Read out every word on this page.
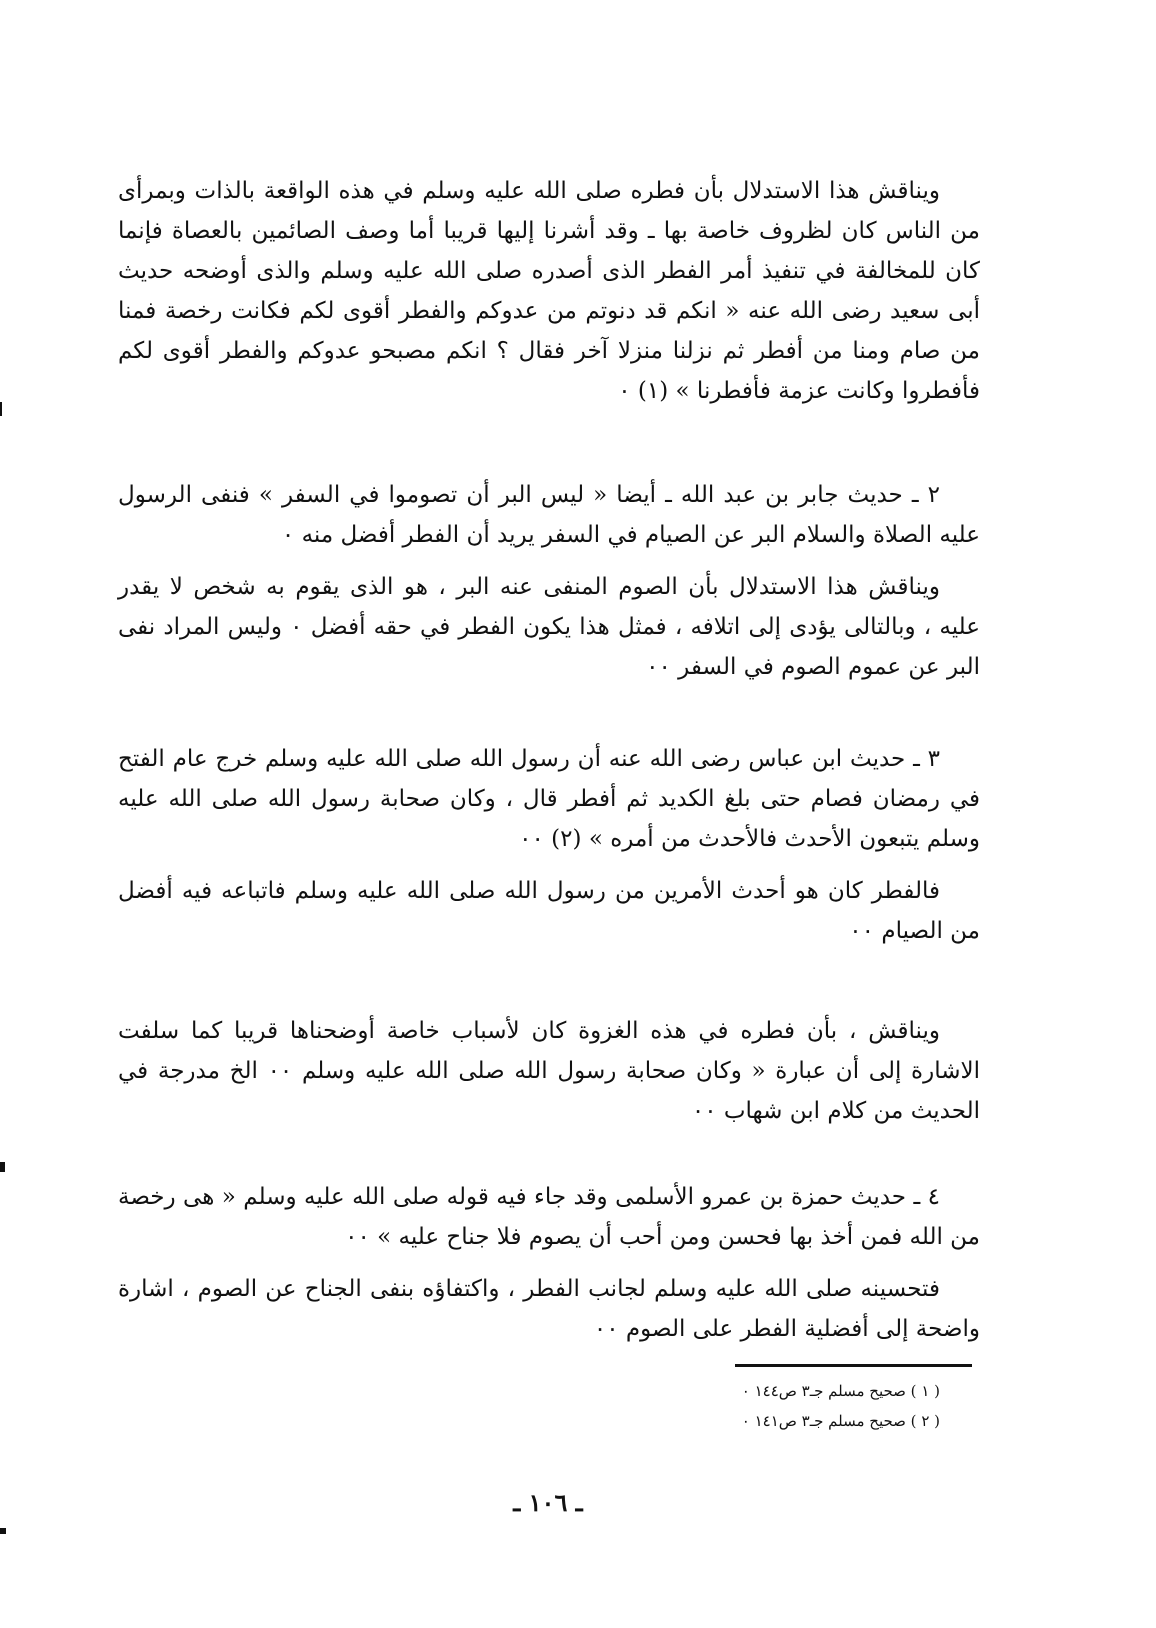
ويناقش هذا الاستدلال بأن فطره صلى الله عليه وسلم في هذه الواقعة بالذات وبمرأى من الناس كان لظروف خاصة بها ـ وقد أشرنا إليها قريبا أما وصف الصائمين بالعصاة فإنما كان للمخالفة في تنفيذ أمر الفطر الذى أصدره صلى الله عليه وسلم والذى أوضحه حديث أبى سعيد رضى الله عنه « انكم قد دنوتم من عدوكم والفطر أقوى لكم فكانت رخصة فمنا من صام ومنا من أفطر ثم نزلنا منزلا آخر فقال ؟ انكم مصبحو عدوكم والفطر أقوى لكم فأفطروا وكانت عزمة فأفطرنا » (١) ٠

٢ ـ حديث جابر بن عبد الله ـ أيضا « ليس البر أن تصوموا في السفر » فنفى الرسول عليه الصلاة والسلام البر عن الصيام في السفر يريد أن الفطر أفضل منه ٠

ويناقش هذا الاستدلال بأن الصوم المنفى عنه البر ، هو الذى يقوم به شخص لا يقدر عليه ، وبالتالى يؤدى إلى اتلافه ، فمثل هذا يكون الفطر في حقه أفضل ٠ وليس المراد نفى البر عن عموم الصوم في السفر ٠٠

٣ ـ حديث ابن عباس رضى الله عنه أن رسول الله صلى الله عليه وسلم خرج عام الفتح في رمضان فصام حتى بلغ الكديد ثم أفطر قال ، وكان صحابة رسول الله صلى الله عليه وسلم يتبعون الأحدث فالأحدث من أمره » (٢) ٠٠

فالفطر كان هو أحدث الأمرين من رسول الله صلى الله عليه وسلم فاتباعه فيه أفضل من الصيام ٠٠

ويناقش ، بأن فطره في هذه الغزوة كان لأسباب خاصة أوضحناها قريبا كما سلفت الاشارة إلى أن عبارة « وكان صحابة رسول الله صلى الله عليه وسلم ٠٠ الخ مدرجة في الحديث من كلام ابن شهاب ٠٠

٤ ـ حديث حمزة بن عمرو الأسلمى وقد جاء فيه قوله صلى الله عليه وسلم « هى رخصة من الله فمن أخذ بها فحسن ومن أحب أن يصوم فلا جناح عليه » ٠٠

فتحسينه صلى الله عليه وسلم لجانب الفطر ، واكتفاؤه بنفى الجناح عن الصوم ، اشارة واضحة إلى أفضلية الفطر على الصوم ٠٠

( ١ ) صحيح مسلم جـ٣ ص١٤٤ ٠
( ٢ ) صحيح مسلم جـ٣ ص١٤١ ٠
ـ ١٠٦ ـ
